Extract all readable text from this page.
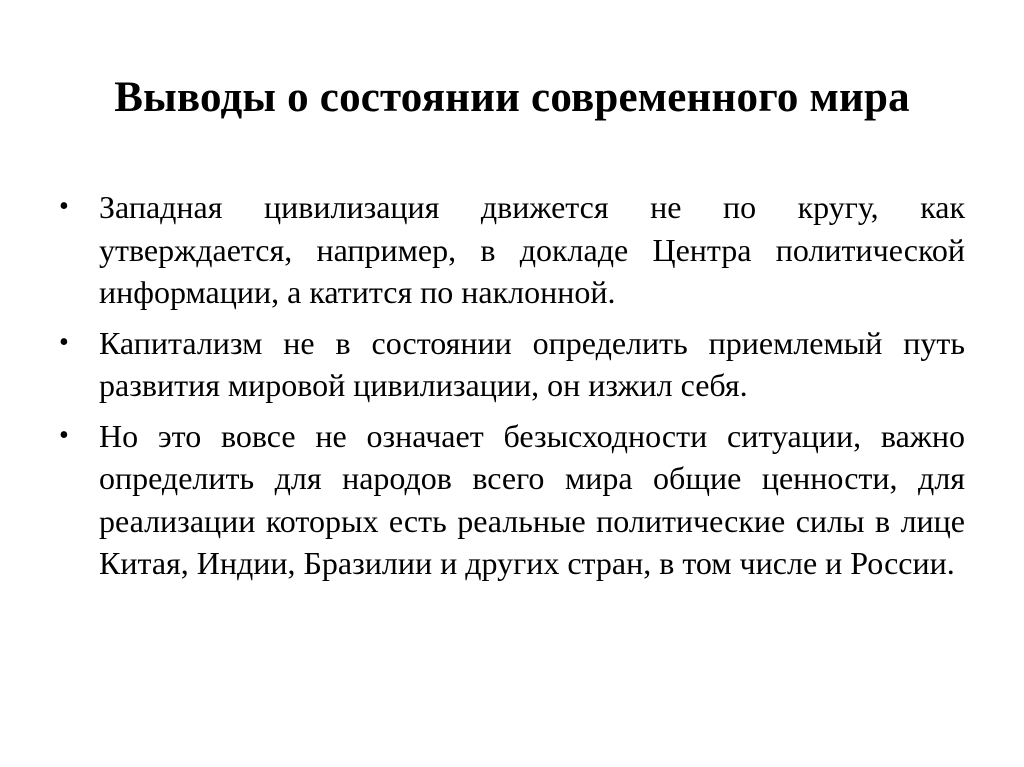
Выводы о состоянии современного мира
• Западная цивилизация движется не по кругу, как утверждается, например, в докладе Центра политической информации, а катится по наклонной.
• Капитализм не в состоянии определить приемлемый путь развития мировой цивилизации, он изжил себя.
• Но это вовсе не означает безысходности ситуации, важно определить для народов всего мира общие ценности, для реализации которых есть реальные политические силы в лице Китая, Индии, Бразилии и других стран, в том числе и России.
